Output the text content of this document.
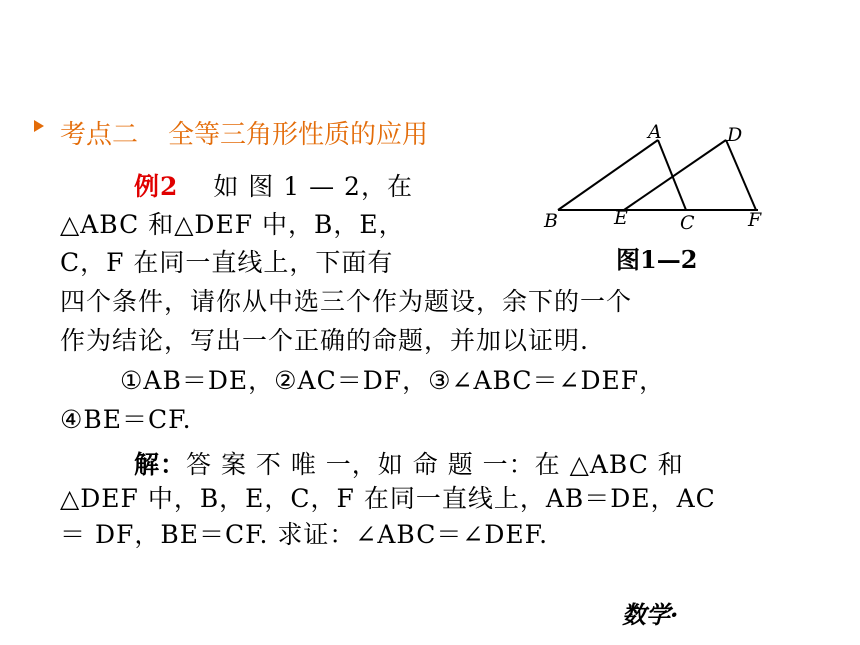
考点二 全等三角形性质的应用
例2 如 图 1 — 2，在
△ABC 和△DEF 中，B，E，
C，F 在同一直线上，下面有
四个条件，请你从中选三个作为题设，余下的一个
作为结论，写出一个正确的命题，并加以证明.
①AB＝DE，②AC＝DF，③∠ABC＝∠DEF，
④BE＝CF.
解：答 案 不 唯 一，如 命 题 一：在 △ABC 和
△DEF 中，B，E，C，F 在同一直线上，AB＝DE，AC
＝ DF，BE＝CF. 求证：∠ABC＝∠DEF.
A	D
B	E	C	F
图1—2
数学·
